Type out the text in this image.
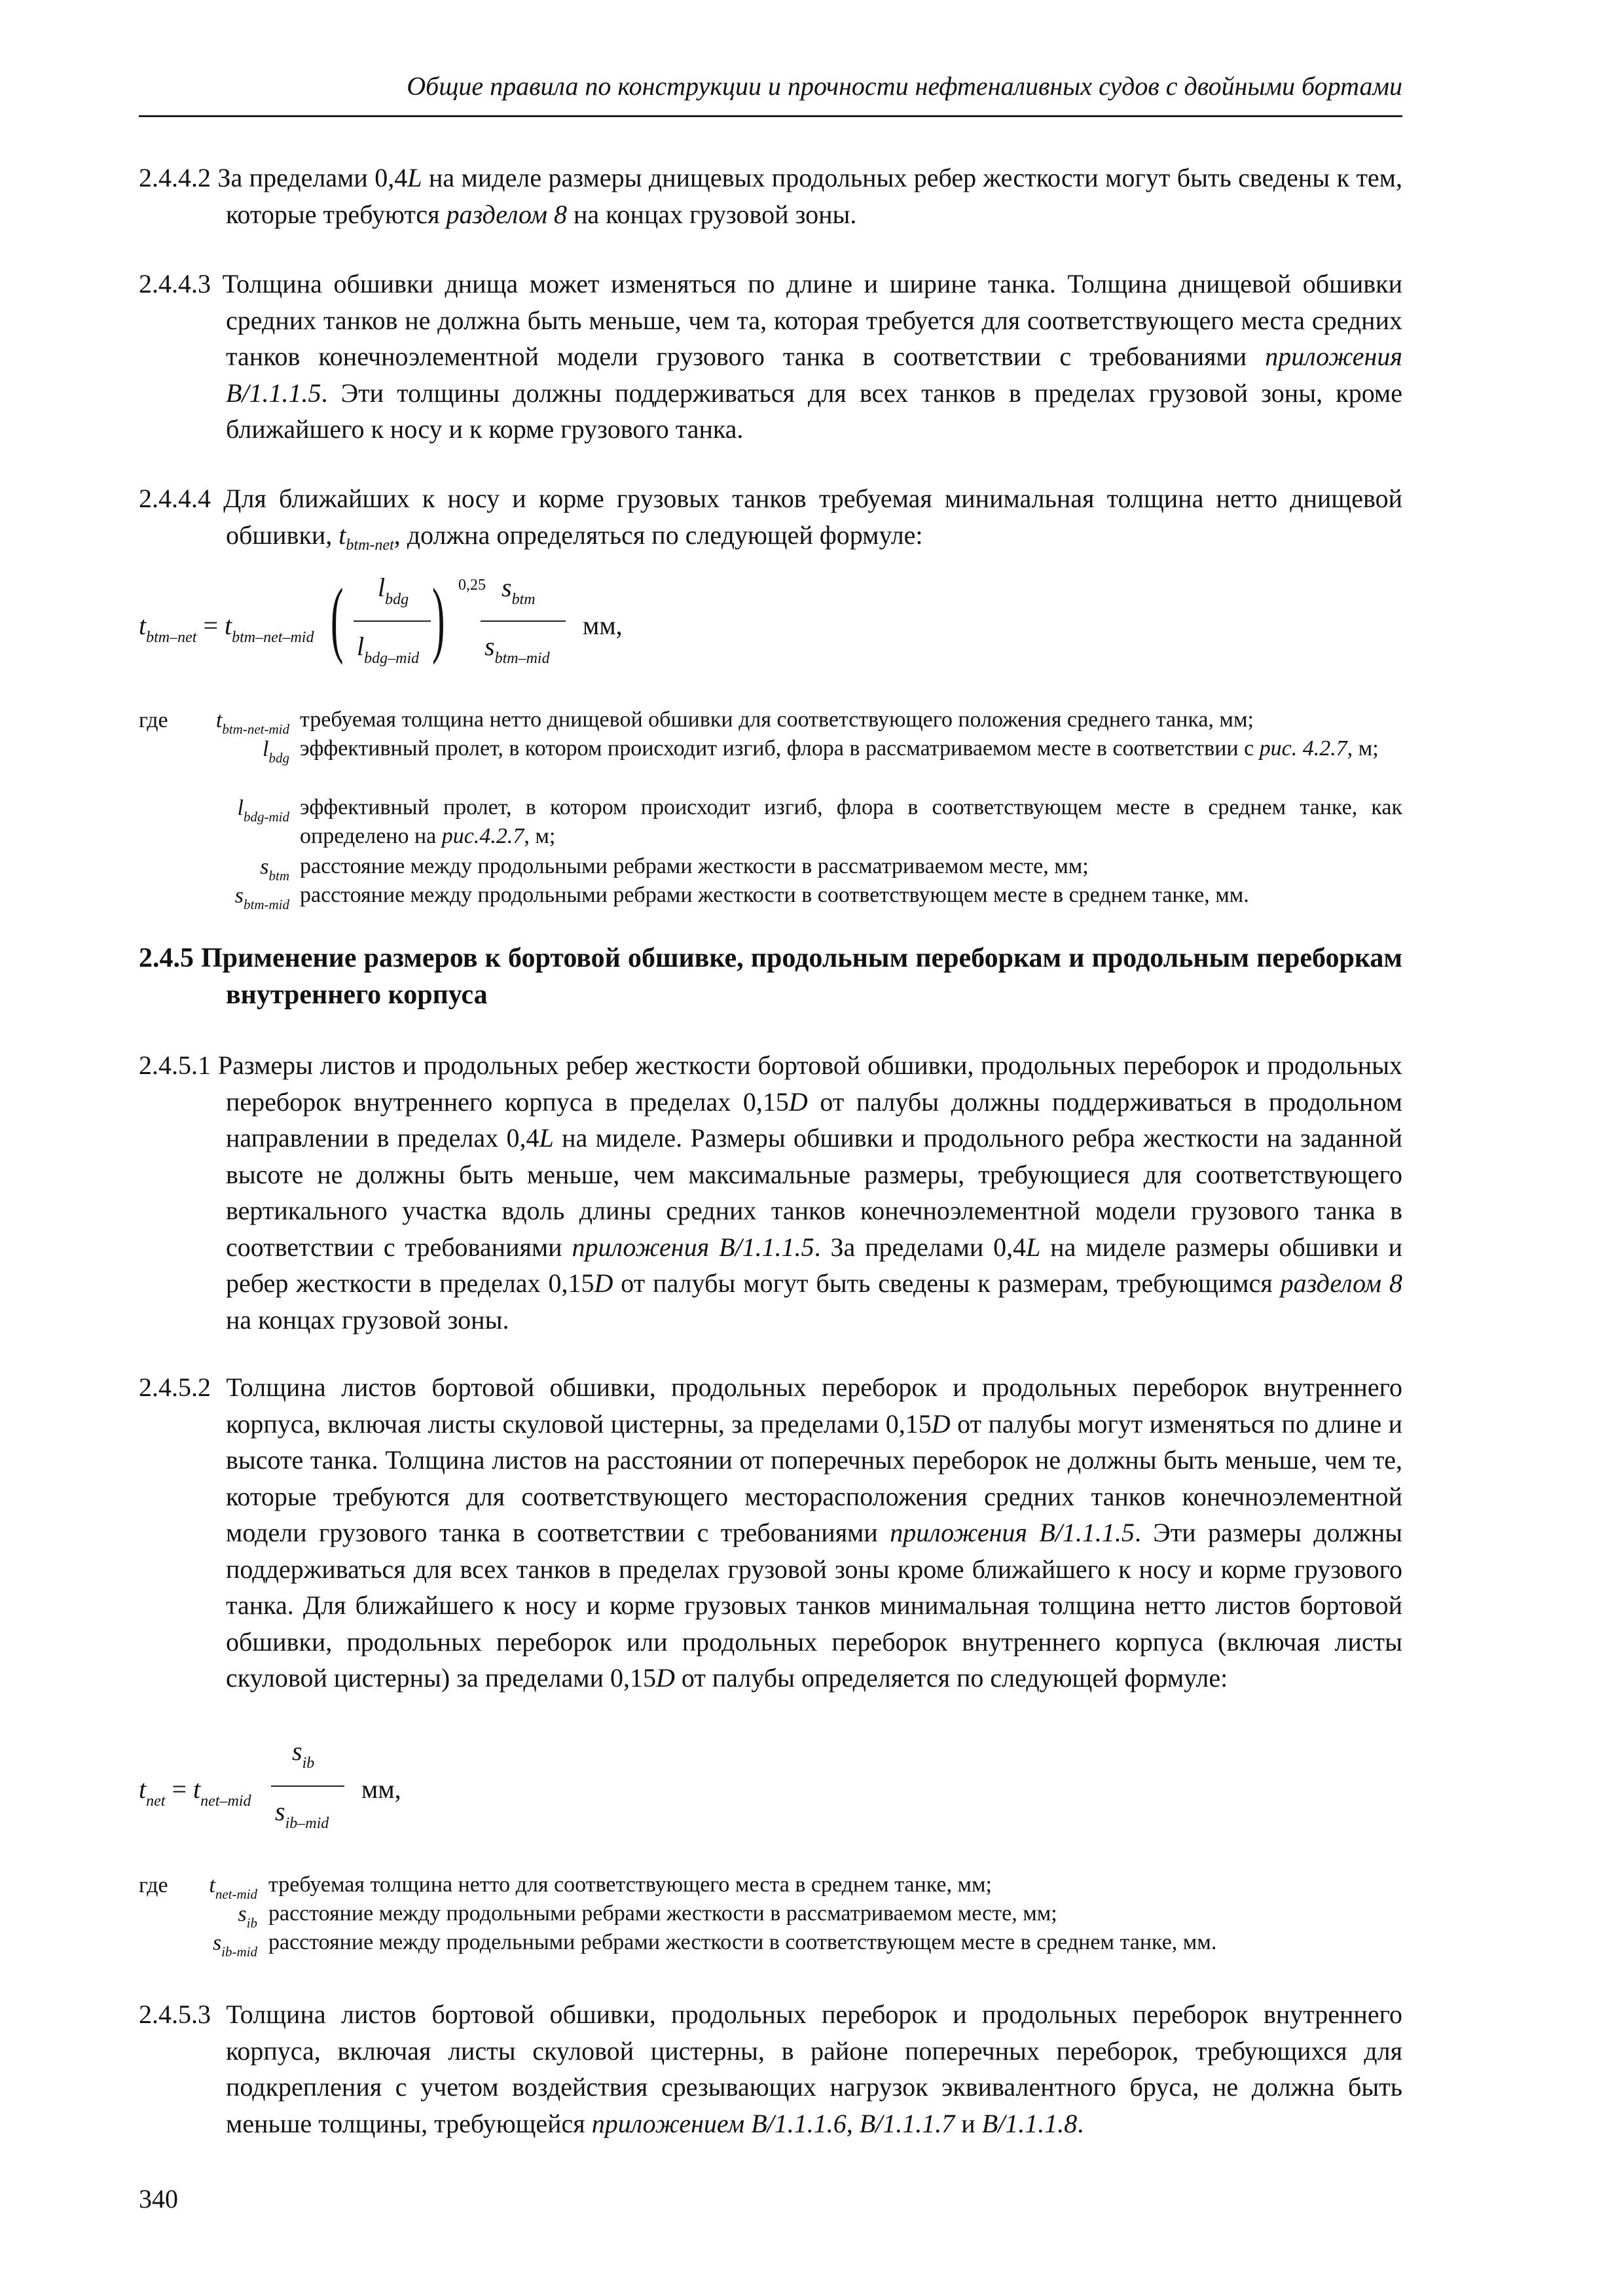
Общие правила по конструкции и прочности нефтеналивных судов с двойными бортами
2.4.4.2 За пределами 0,4L на миделе размеры днищевых продольных ребер жесткости могут быть сведены к тем, которые требуются разделом 8 на концах грузовой зоны.
2.4.4.3 Толщина обшивки днища может изменяться по длине и ширине танка. Толщина днищевой обшивки средних танков не должна быть меньше, чем та, которая требуется для соответствующего места средних танков конечноэлементной модели грузового танка в соответствии с требованиями приложения B/1.1.1.5. Эти толщины должны поддерживаться для всех танков в пределах грузовой зоны, кроме ближайшего к носу и к корме грузового танка.
2.4.4.4 Для ближайших к носу и корме грузовых танков требуемая минимальная толщина нетто днищевой обшивки, $t_{btm-net}$, должна определяться по следующей формуле:
$t_{btm-net} = t_{btm-net-mid}$ ( $l_{bdg}$
$l_{bdg-mid}$ ) 0,25 $s_{btm}$
$s_{btm-mid}$
мм,
где $t_{btm-net-mid}$ требуемая толщина нетто днищевой обшивки для соответствующего положения среднего танка, мм;
$l_{bdg}$ эффективный пролет, в котором происходит изгиб, флора в рассматриваемом месте в соответствии с рис. 4.2.7, м;
$l_{bdg-mid}$ эффективный пролет, в котором происходит изгиб, флора в соответствующем месте в среднем танке, как определено на рис.4.2.7, м;
$s_{btm}$ расстояние между продольными ребрами жесткости в рассматриваемом месте, мм;
$s_{btm-mid}$ расстояние между продольными ребрами жесткости в соответствующем месте в среднем танке, мм.
2.4.5 Применение размеров к бортовой обшивке, продольным переборкам и продольным переборкам внутреннего корпуса
2.4.5.1 Размеры листов и продольных ребер жесткости бортовой обшивки, продольных переборок и продольных переборок внутреннего корпуса в пределах 0,15D от палубы должны поддерживаться в продольном направлении в пределах 0,4L на миделе. Размеры обшивки и продольного ребра жесткости на заданной высоте не должны быть меньше, чем максимальные размеры, требующиеся для соответствующего вертикального участка вдоль длины средних танков конечноэлементной модели грузового танка в соответствии с требованиями приложения B/1.1.1.5. За пределами 0,4L на миделе размеры обшивки и ребер жесткости в пределах 0,15D от палубы могут быть сведены к размерам, требующимся разделом 8 на концах грузовой зоны.
2.4.5.2 Толщина листов бортовой обшивки, продольных переборок и продольных переборок внутреннего корпуса, включая листы скуловой цистерны, за пределами 0,15D от палубы могут изменяться по длине и высоте танка. Толщина листов на расстоянии от поперечных переборок не должны быть меньше, чем те, которые требуются для соответствующего месторасположения средних танков конечноэлементной модели грузового танка в соответствии с требованиями приложения B/1.1.1.5. Эти размеры должны поддерживаться для всех танков в пределах грузовой зоны кроме ближайшего к носу и корме грузового танка. Для ближайшего к носу и корме грузовых танков минимальная толщина нетто листов бортовой обшивки, продольных переборок или продольных переборок внутреннего корпуса (включая листы скуловой цистерны) за пределами 0,15D от палубы определяется по следующей формуле:
$t_{net} = t_{net-mid}$
$s_{ib}$
$s_{ib-mid}$
мм,
где $t_{net-mid}$ требуемая толщина нетто для соответствующего места в среднем танке, мм;
$s_{ib}$ расстояние между продольными ребрами жесткости в рассматриваемом месте, мм;
$s_{ib-mid}$ расстояние между продельными ребрами жесткости в соответствующем месте в среднем танке, мм.
2.4.5.3 Толщина листов бортовой обшивки, продольных переборок и продольных переборок внутреннего корпуса, включая листы скуловой цистерны, в районе поперечных переборок, требующихся для подкрепления с учетом воздействия срезывающих нагрузок эквивалентного бруса, не должна быть меньше толщины, требующейся приложением B/1.1.1.6, B/1.1.1.7 и B/1.1.1.8.
340
